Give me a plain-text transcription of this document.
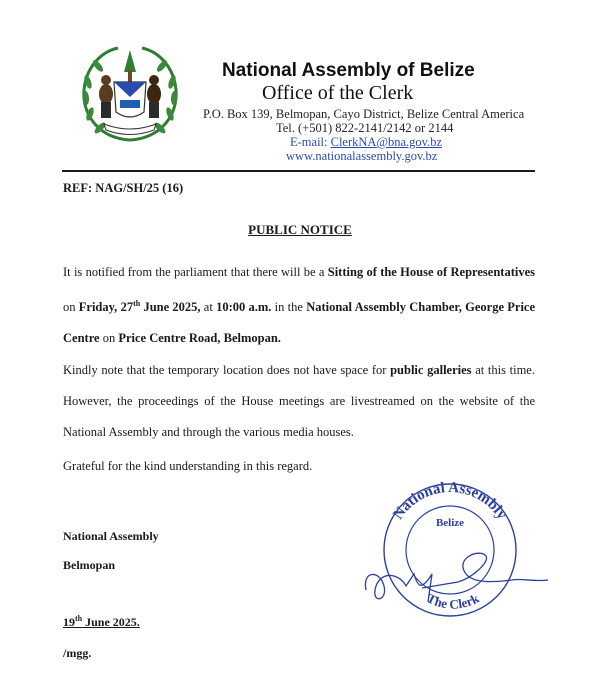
National Assembly of Belize
Office of the Clerk
P.O. Box 139, Belmopan, Cayo District, Belize Central America
Tel. (+501) 822-2141/2142 or 2144
E-mail: ClerkNA@bna.gov.bz
www.nationalassembly.gov.bz
REF: NAG/SH/25 (16)
PUBLIC NOTICE
It is notified from the parliament that there will be a Sitting of the House of Representatives on Friday, 27th June 2025, at 10:00 a.m. in the National Assembly Chamber, George Price Centre on Price Centre Road, Belmopan.
Kindly note that the temporary location does not have space for public galleries at this time. However, the proceedings of the House meetings are livestreamed on the website of the National Assembly and through the various media houses.
Grateful for the kind understanding in this regard.
National Assembly
Belmopan
19th June 2025.
/mgg.
National Assembly
Belize
The Clerk
